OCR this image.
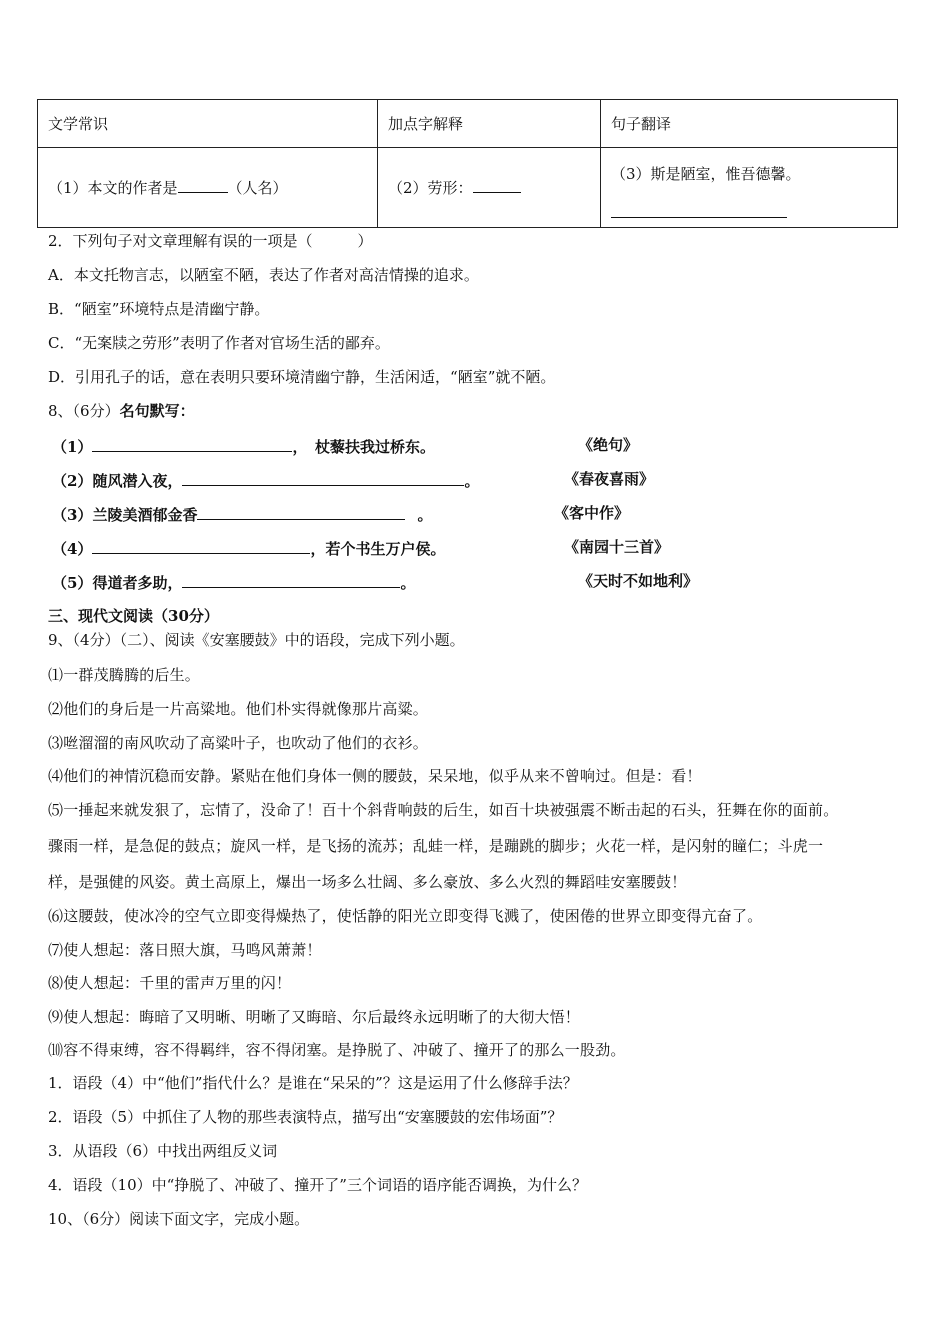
文学常识	加点字解释	句子翻译
（1）本文的作者是 （人名）	（2）劳形：	（3）斯是陋室，惟吾德馨。
2．下列句子对文章理解有误的一项是（　　　）
A．本文托物言志，以陋室不陋，表达了作者对高洁情操的追求。
B．“陋室”环境特点是清幽宁静。
C．“无案牍之劳形”表明了作者对官场生活的鄙弃。
D．引用孔子的话，意在表明只要环境清幽宁静，生活闲适，“陋室”就不陋。
8、（6分）名句默写：
（1）	，　杖藜扶我过桥东。	《绝句》
（2）随风潜入夜，	。	《春夜喜雨》
（3）兰陵美酒郁金香	。	《客中作》
（4）	，若个书生万户侯。	《南园十三首》
（5）得道者多助，	。	《天时不如地利》
三、现代文阅读（30分）
9、（4分）（二）、阅读《安塞腰鼓》中的语段，完成下列小题。
⑴一群茂腾腾的后生。
⑵他们的身后是一片高粱地。他们朴实得就像那片高粱。
⑶咝溜溜的南风吹动了高粱叶子，也吹动了他们的衣衫。
⑷他们的神情沉稳而安静。紧贴在他们身体一侧的腰鼓，呆呆地，似乎从来不曾响过。但是：看！
⑸一捶起来就发狠了，忘情了，没命了！百十个斜背响鼓的后生，如百十块被强震不断击起的石头，狂舞在你的面前。
骤雨一样，是急促的鼓点；旋风一样，是飞扬的流苏；乱蛙一样，是蹦跳的脚步；火花一样，是闪射的瞳仁；斗虎一
样，是强健的风姿。黄土高原上，爆出一场多么壮阔、多么豪放、多么火烈的舞蹈哇安塞腰鼓！
⑹这腰鼓，使冰冷的空气立即变得燥热了，使恬静的阳光立即变得飞溅了，使困倦的世界立即变得亢奋了。
⑺使人想起：落日照大旗，马鸣风萧萧！
⑻使人想起：千里的雷声万里的闪！
⑼使人想起：晦暗了又明晰、明晰了又晦暗、尔后最终永远明晰了的大彻大悟！
⑽容不得束缚，容不得羁绊，容不得闭塞。是挣脱了、冲破了、撞开了的那么一股劲。
1．语段（4）中“他们”指代什么？是谁在“呆呆的”？这是运用了什么修辞手法？
2．语段（5）中抓住了人物的那些表演特点，描写出“安塞腰鼓的宏伟场面”？
3．从语段（6）中找出两组反义词
4．语段（10）中“挣脱了、冲破了、撞开了”三个词语的语序能否调换，为什么？
10、（6分）阅读下面文字，完成小题。
